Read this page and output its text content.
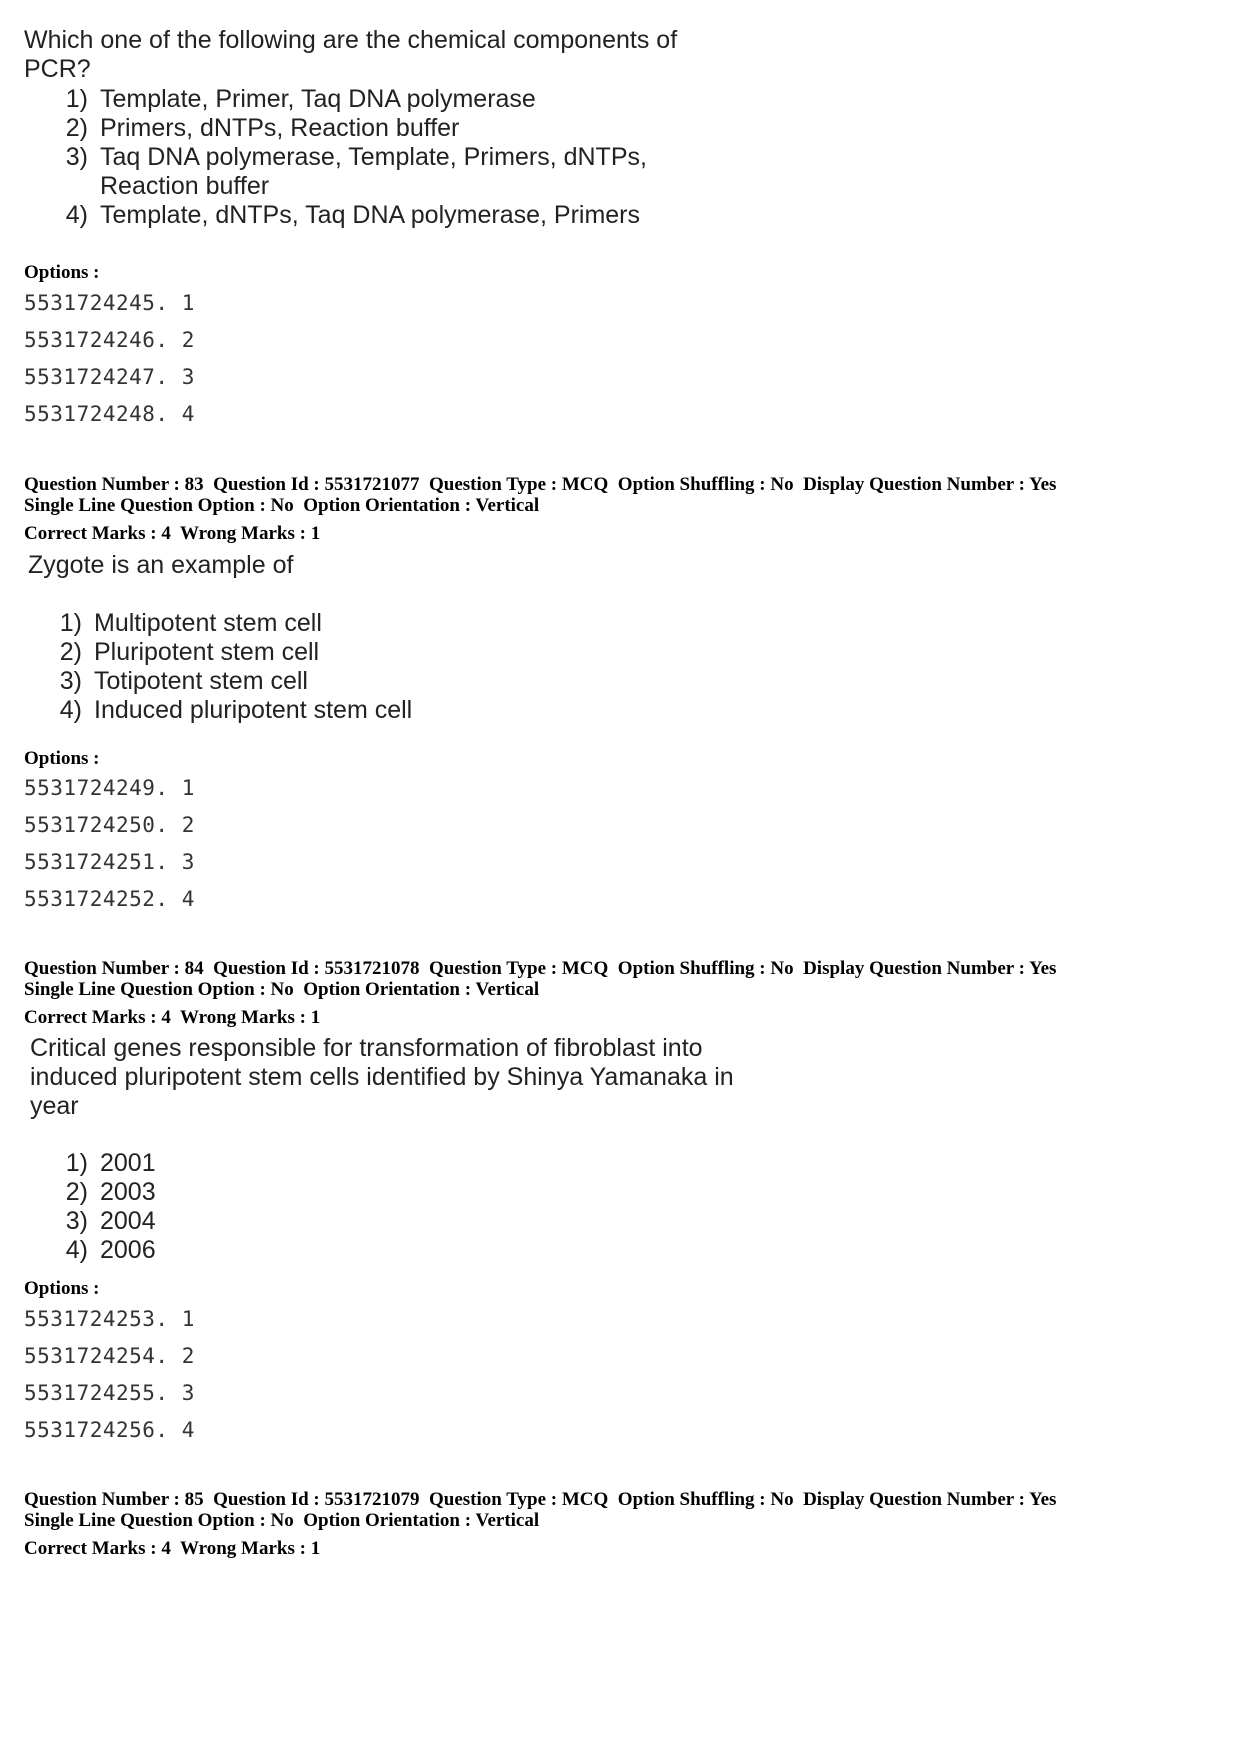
Which one of the following are the chemical components of PCR?

1) Template, Primer, Taq DNA polymerase
2) Primers, dNTPs, Reaction buffer
3) Taq DNA polymerase, Template, Primers, dNTPs, Reaction buffer
4) Template, dNTPs, Taq DNA polymerase, Primers
Options :
5531724245. 1
5531724246. 2
5531724247. 3
5531724248. 4
Question Number : 83  Question Id : 5531721077  Question Type : MCQ  Option Shuffling : No  Display Question Number : Yes
Single Line Question Option : No  Option Orientation : Vertical
Correct Marks : 4  Wrong Marks : 1

Zygote is an example of

1) Multipotent stem cell
2) Pluripotent stem cell
3) Totipotent stem cell
4) Induced pluripotent stem cell
Options :
5531724249. 1
5531724250. 2
5531724251. 3
5531724252. 4
Question Number : 84  Question Id : 5531721078  Question Type : MCQ  Option Shuffling : No  Display Question Number : Yes
Single Line Question Option : No  Option Orientation : Vertical
Correct Marks : 4  Wrong Marks : 1

Critical genes responsible for transformation of fibroblast into induced pluripotent stem cells identified by Shinya Yamanaka in year

1) 2001
2) 2003
3) 2004
4) 2006
Options :
5531724253. 1
5531724254. 2
5531724255. 3
5531724256. 4
Question Number : 85  Question Id : 5531721079  Question Type : MCQ  Option Shuffling : No  Display Question Number : Yes
Single Line Question Option : No  Option Orientation : Vertical
Correct Marks : 4  Wrong Marks : 1
